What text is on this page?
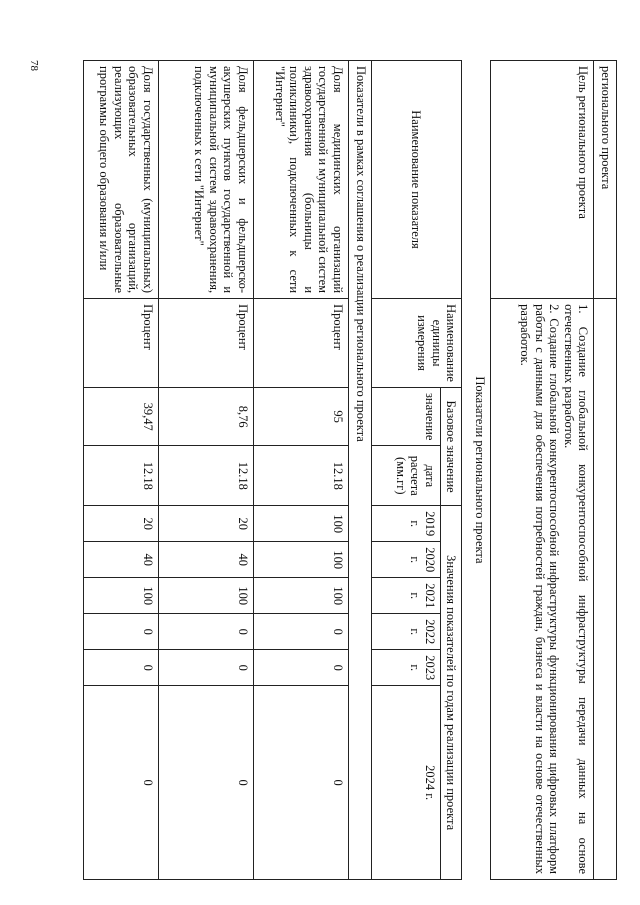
78
регионального проекта									
Цель регионального проекта	1. Создание глобальной конкурентоспособной инфраструктуры передачи данных на основе отечественных разработок.
2. Создание глобальной конкурентоспособной инфраструктуры функционирования цифровых платформ работы с данными для обеспечения потребностей граждан, бизнеса и власти на основе отечественных разработок.								

Показатели регионального проекта									
Наименование показателя	Наименование единицы измерения	Базовое значение		Значения показателей по годам реализации проекта					
		значение	дата расчета (мм.гг)	2019 г.	2020 г.	2021 г.	2022 г.	2023 г.	2024 г.
Показатели в рамках соглашения о реализации регионального проекта									
Доля медицинских организаций государственной и муниципальной систем здравоохранения (больницы и поликлиники), подключенных к сети "Интернет"	Процент	95	12.18	100	100	100	0	0	0
Доля фельдшерских и фельдшерско-акушерских пунктов государственной и муниципальной систем здравоохранения, подключенных к сети "Интернет"	Процент	8,76	12.18	20	40	100	0	0	0
Доля государственных (муниципальных) образовательных организаций, реализующих образовательные программы общего образования и/или	Процент	39,47	12.18	20	40	100	0	0	0
